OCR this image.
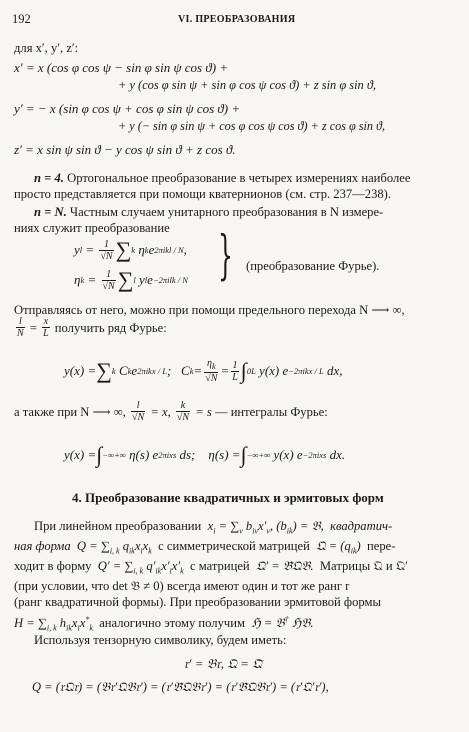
192	VI. ПРЕОБРАЗОВАНИЯ
для x′, y′, z′:
x′ = x (cos φ cos ψ − sin φ sin ψ cos ϑ) +
+ y (cos φ sin ψ + sin φ cos ψ cos ϑ) + z sin φ sin ϑ,
y′ = − x (sin φ cos ψ + cos φ sin ψ cos ϑ) +
+ y (− sin φ sin ψ + cos φ cos ψ cos ϑ) + z cos φ sin ϑ,
z′ = x sin ψ sin ϑ − y cos ψ sin ϑ + z cos ϑ.
n = 4. Ортогональное преобразование в четырех измерениях наиболее
просто представляется при помощи кватернионов (см. стр. 237—238).
n = N. Частным случаем унитарного преобразования в N измере-
ниях служит преобразование
y l = 1
√N ∑ k η k e 2πikl / N ,
η k = 1
√N ∑ l y l e −2πilk / N } (преобразование Фурье).
Отправляясь от него, можно при помощи предельного перехода N ⟶ ∞,
l
N = x
L
получить ряд Фурье:
y(x) = ∑ k C k e 2πikx / L ;   C $k = \eta_k$
√N
= 1
L ∫ 0 L y(x) e −2πikx / L dx,
а также при N ⟶ ∞,
$\frac{l}{√N}$
= x,
$\frac{k}{√N}$
= s
— интегралы Фурье:
y(x) = ∫ −∞ +∞ η(s) e 2πixs ds;    η(s) = ∫ −∞ +∞ y(x) e −2πixs dx.
4. Преобразование квадратичных и эрмитовых форм
При линейном преобразовании  $x_i = \sum_\nu$ $b_{i\nu}x'_\nu$, $(b_{ik})$ = 𝔅,  квадратич-
ная форма  $Q = \sum_{i, k}$ $q_{ik}x_ix_k$ с симметрической матрицей  𝔔 = $(q_{ik})$  пере-
ходит в форму  $Q' = \sum_{i, k}$ $q'_{ik}x'_ix'_k$ с матрицей  𝔔′ = 𝔅̃𝔔𝔅.  Матрицы 𝔔 и 𝔔′
(при условии, что det 𝔅 ≠ 0) всегда имеют один и тот же ранг r
(ранг квадратичной формы). При преобразовании эрмитовой формы
$H = \sum_{i, k}$ $h_{ik}x_ix^*_k$ аналогично этому получим  ℌ = 𝔅† ℌ𝔅.
Используя тензорную символику, будем иметь:
𝔯′ = 𝔅𝔯, 𝔔 = 𝔔̃
Q = (𝔯𝔔𝔯) = (𝔅𝔯′𝔔𝔅𝔯′) = (𝔯′𝔅̃𝔔𝔅𝔯′) = (𝔯′𝔅̃𝔔𝔅𝔯′) = (𝔯′𝔔′𝔯′),
